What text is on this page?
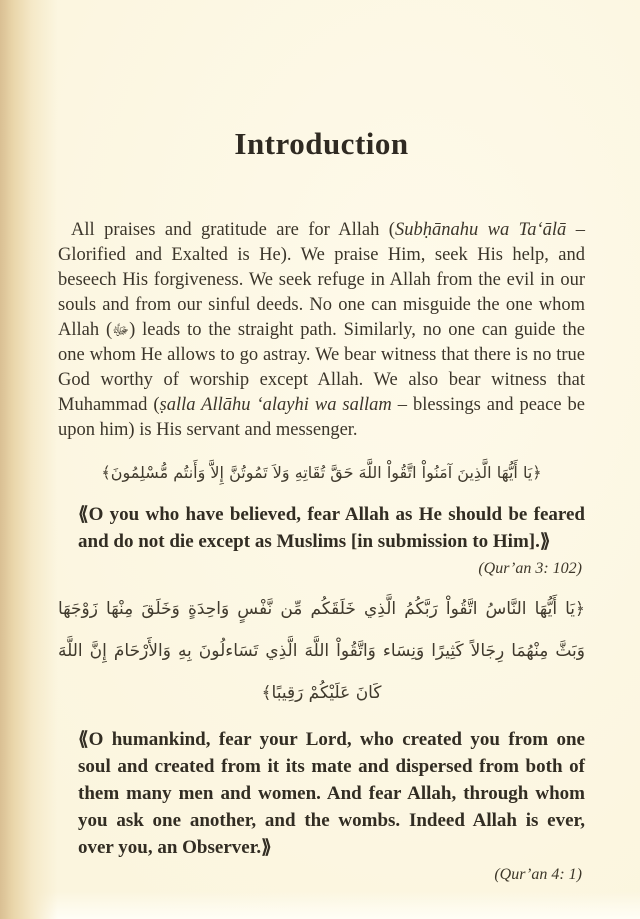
Introduction

All praises and gratitude are for Allah (Subḥānahu wa Ta‘ālā – Glorified and Exalted is He). We praise Him, seek His help, and beseech His forgiveness. We seek refuge in Allah from the evil in our souls and from our sinful deeds. No one can misguide the one whom Allah (ﷻ) leads to the straight path. Similarly, no one can guide the one whom He allows to go astray. We bear witness that there is no true God worthy of worship except Allah. We also bear witness that Muhammad (ṣalla Allāhu ‘alayhi wa sallam – blessings and peace be upon him) is His servant and messenger.

﴿يَا أَيُّهَا الَّذِينَ آمَنُواْ اتَّقُواْ اللَّهَ حَقَّ تُقَاتِهِ وَلاَ تَمُوتُنَّ إِلاَّ وَأَنتُم مُّسْلِمُونَ﴾

⟪O you who have believed, fear Allah as He should be feared and do not die except as Muslims [in submission to Him].⟫

(Qur’an 3: 102)

﴿يَا أَيُّهَا النَّاسُ اتَّقُواْ رَبَّكُمُ الَّذِي خَلَقَكُم مِّن نَّفْسٍ وَاحِدَةٍ وَخَلَقَ مِنْهَا زَوْجَهَا وَبَثَّ مِنْهُمَا رِجَالاً كَثِيرًا وَنِسَاء وَاتَّقُواْ اللَّهَ الَّذِي تَسَاءلُونَ بِهِ وَالأَرْحَامَ إِنَّ اللَّهَ كَانَ عَلَيْكُمْ رَقِيبًا﴾

⟪O humankind, fear your Lord, who created you from one soul and created from it its mate and dispersed from both of them many men and women. And fear Allah, through whom you ask one another, and the wombs. Indeed Allah is ever, over you, an Observer.⟫

(Qur’an 4: 1)
